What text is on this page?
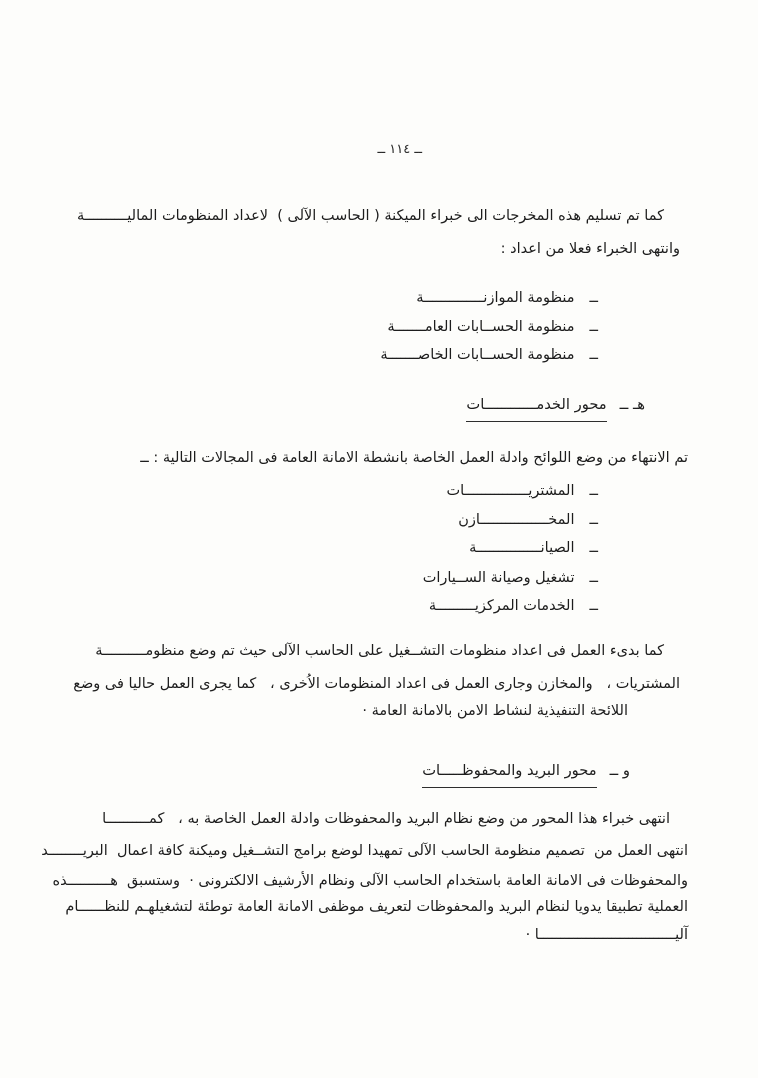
ــ ١١٤ ــ
كما تم تسليم هذه المخرجات الى خبراء الميكنة ( الحاسب الآلى )  لاعداد المنظومات الماليــــــــــة
وانتهى الخبراء فعلا من اعداد :
ــ
منظومة الموازنــــــــــــــة
ــ
منظومة الحســابات العامـــــــة
ــ
منظومة الحســابات الخاصـــــــة
هـ ــ
محور الخدمــــــــــــات
تم الانتهاء من وضع اللوائح وادلة العمل الخاصة بانشطة الامانة العامة فى المجالات التالية : ــ
ــ
المشتريـــــــــــــــات
ــ
المخــــــــــــــــازن
ــ
الصيانـــــــــــــــة
ــ
تشغيل وصيانة الســيارات
ــ
الخدمات المركزيـــــــــة
كما بدىء العمل فى اعداد منظومات التشــغيل على الحاسب الآلى حيث تم وضع منظومــــــــــة
المشتريات ،   والمخازن وجارى العمل فى اعداد المنظومات الاُخرى ،   كما يجرى العمل حاليا فى وضع
اللائحة التنفيذية لنشاط الامن بالامانة العامة ·
و ــ
محور البريد والمحفوظـــــات
انتهى خبراء هذا المحور من وضع نظام البريد والمحفوظات وادلة العمل الخاصة به ،   كمــــــــــا
انتهى العمل من  تصميم منظومة الحاسب الآلى تمهيدا لوضع برامج التشــغيل وميكنة كافة اعمال  البريــــــــد
والمحفوظات فى الامانة العامة باستخدام الحاسب الآلى ونظام الأرشيف الالكترونى ·  وستسبق  هــــــــــذه
العملية تطبيقا يدويا لنظام البريد والمحفوظات لتعريف موظفى الامانة العامة توطئة لتشغيلهـم للنظــــــام
آليــــــــــــــــــــــــــــــــا ·
